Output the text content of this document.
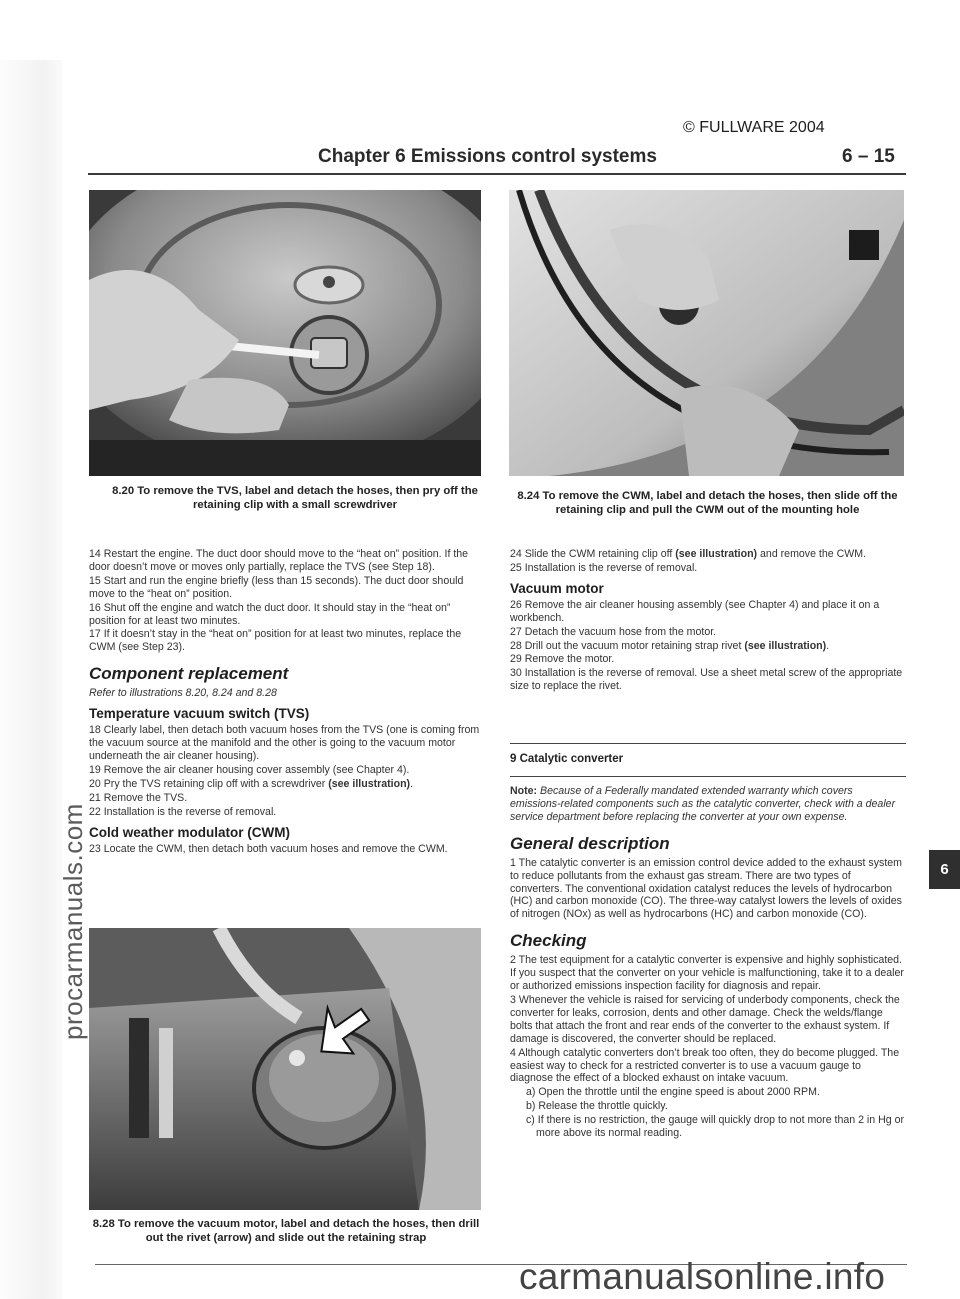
© FULLWARE 2004
Chapter 6 Emissions control systems	6 – 15
8.20 To remove the TVS, label and detach the hoses, then pry off the retaining clip with a small screwdriver
8.24 To remove the CWM, label and detach the hoses, then slide off the retaining clip and pull the CWM out of the mounting hole

14 Restart the engine. The duct door should move to the “heat on” position. If the door doesn’t move or moves only partially, replace the TVS (see Step 18).

15 Start and run the engine briefly (less than 15 seconds). The duct door should move to the “heat on” position.

16 Shut off the engine and watch the duct door. It should stay in the “heat on” position for at least two minutes.

17 If it doesn’t stay in the “heat on” position for at least two minutes, replace the CWM (see Step 23).

Component replacement

Refer to illustrations 8.20, 8.24 and 8.28

Temperature vacuum switch (TVS)

18 Clearly label, then detach both vacuum hoses from the TVS (one is coming from the vacuum source at the manifold and the other is going to the vacuum motor underneath the air cleaner housing).

19 Remove the air cleaner housing cover assembly (see Chapter 4).

20 Pry the TVS retaining clip off with a screwdriver (see illustration).

21 Remove the TVS.

22 Installation is the reverse of removal.

Cold weather modulator (CWM)

23 Locate the CWM, then detach both vacuum hoses and remove the CWM.

8.28 To remove the vacuum motor, label and detach the hoses, then drill out the rivet (arrow) and slide out the retaining strap

24 Slide the CWM retaining clip off (see illustration) and remove the CWM.

25 Installation is the reverse of removal.

Vacuum motor

26 Remove the air cleaner housing assembly (see Chapter 4) and place it on a workbench.

27 Detach the vacuum hose from the motor.

28 Drill out the vacuum motor retaining strap rivet (see illustration).

29 Remove the motor.

30 Installation is the reverse of removal. Use a sheet metal screw of the appropriate size to replace the rivet.

9 Catalytic converter

Note: Because of a Federally mandated extended warranty which covers emissions-related components such as the catalytic converter, check with a dealer service department before replacing the converter at your own expense.

General description

1 The catalytic converter is an emission control device added to the exhaust system to reduce pollutants from the exhaust gas stream. There are two types of converters. The conventional oxidation catalyst reduces the levels of hydrocarbon (HC) and carbon monoxide (CO). The three-way catalyst lowers the levels of oxides of nitrogen (NOx) as well as hydrocarbons (HC) and carbon monoxide (CO).

Checking

2 The test equipment for a catalytic converter is expensive and highly sophisticated. If you suspect that the converter on your vehicle is malfunctioning, take it to a dealer or authorized emissions inspection facility for diagnosis and repair.

3 Whenever the vehicle is raised for servicing of underbody components, check the converter for leaks, corrosion, dents and other damage. Check the welds/flange bolts that attach the front and rear ends of the converter to the exhaust system. If damage is discovered, the converter should be replaced.

4 Although catalytic converters don’t break too often, they do become plugged. The easiest way to check for a restricted converter is to use a vacuum gauge to diagnose the effect of a blocked exhaust on intake vacuum.

a) Open the throttle until the engine speed is about 2000 RPM.

b) Release the throttle quickly.

c) If there is no restriction, the gauge will quickly drop to not more than 2 in Hg or more above its normal reading.

6
procarmanuals.com
carmanualsonline.info
